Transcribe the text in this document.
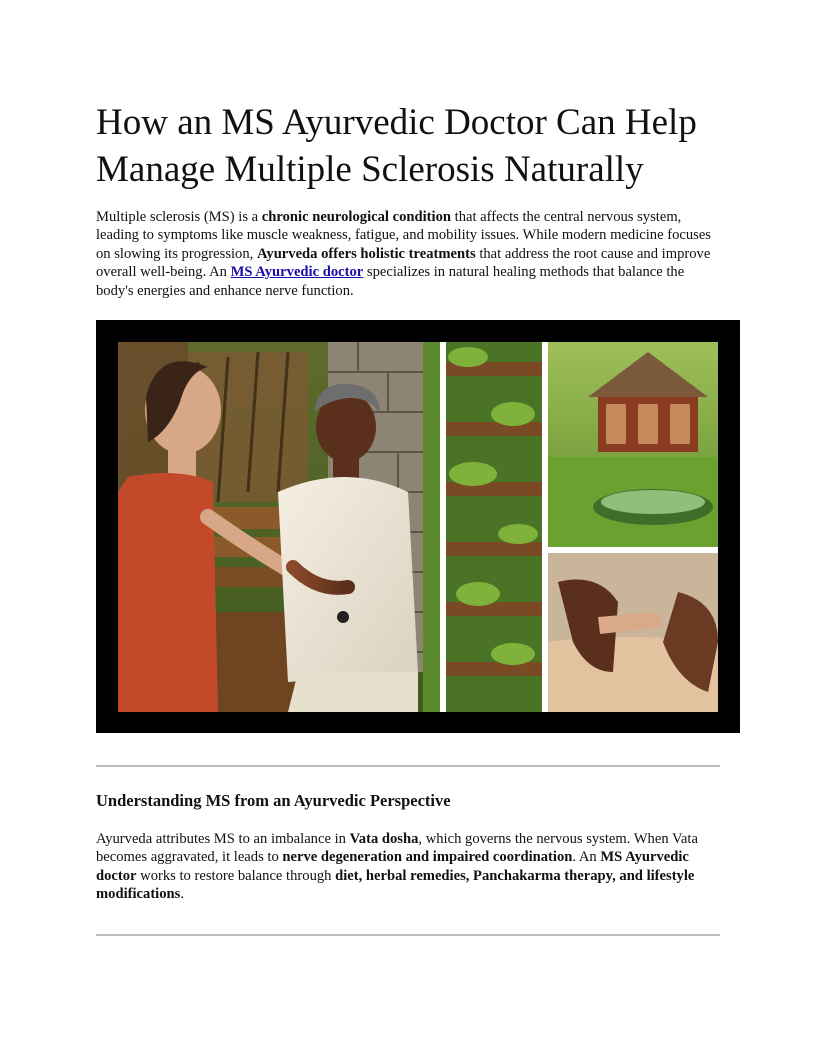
How an MS Ayurvedic Doctor Can Help Manage Multiple Sclerosis Naturally

Multiple sclerosis (MS) is a chronic neurological condition that affects the central nervous system, leading to symptoms like muscle weakness, fatigue, and mobility issues. While modern medicine focuses on slowing its progression, Ayurveda offers holistic treatments that address the root cause and improve overall well-being. An MS Ayurvedic doctor specializes in natural healing methods that balance the body's energies and enhance nerve function.

Understanding MS from an Ayurvedic Perspective

Ayurveda attributes MS to an imbalance in Vata dosha, which governs the nervous system. When Vata becomes aggravated, it leads to nerve degeneration and impaired coordination. An MS Ayurvedic doctor works to restore balance through diet, herbal remedies, Panchakarma therapy, and lifestyle modifications.
